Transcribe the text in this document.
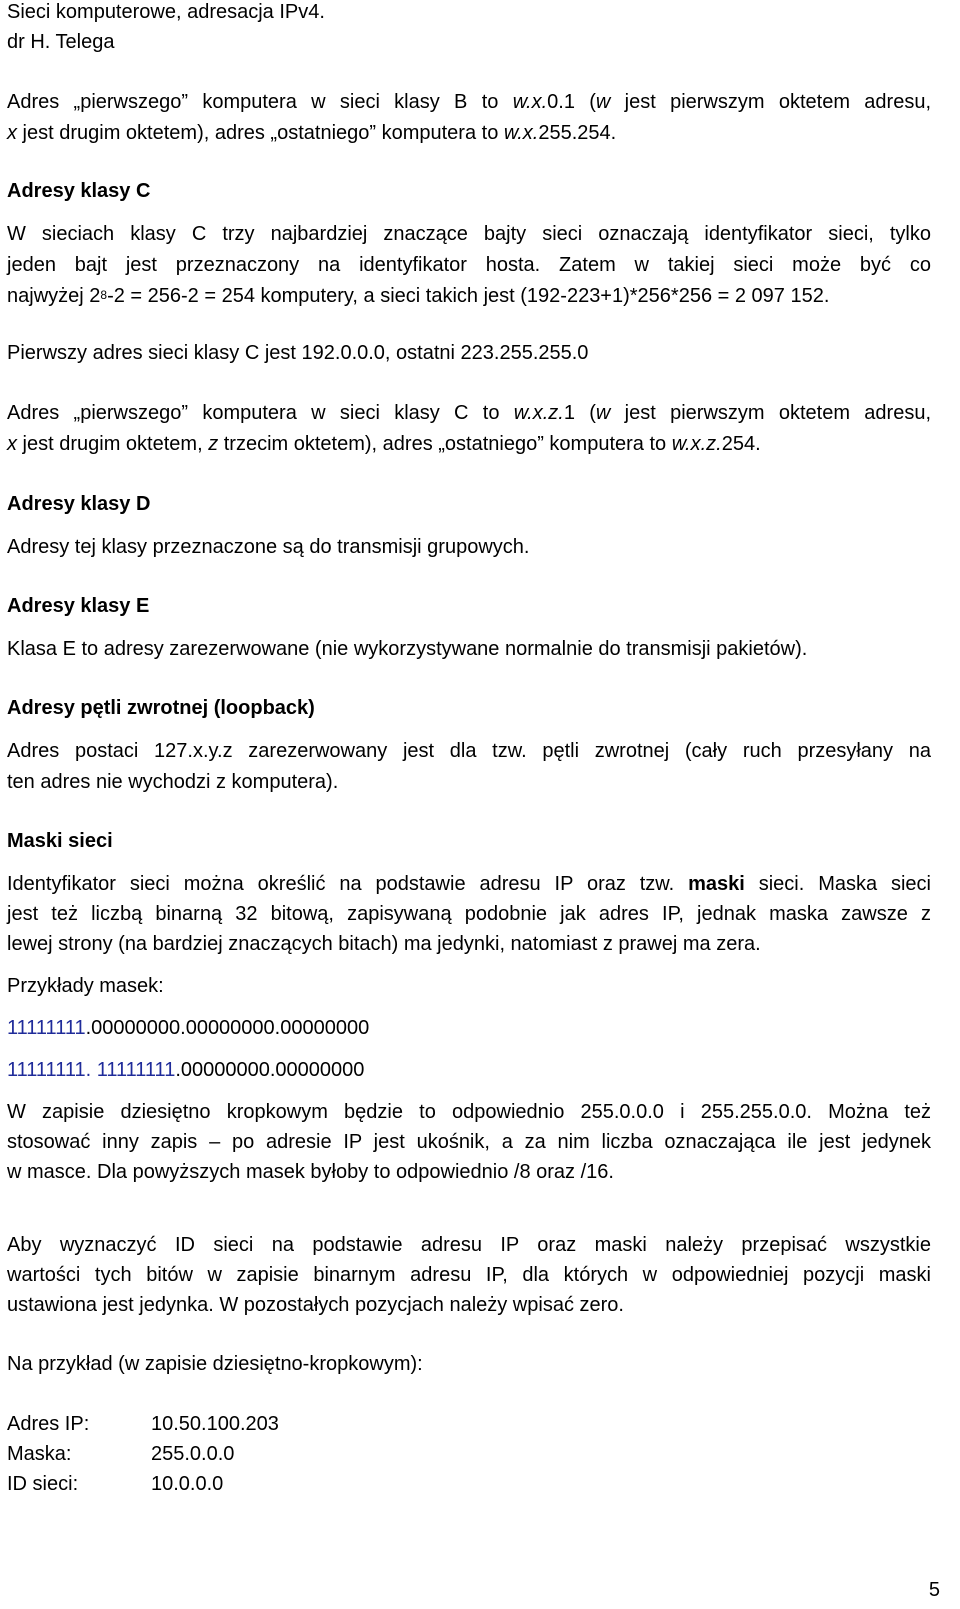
Sieci komputerowe, adresacja IPv4.
dr H. Telega
Adres „pierwszego” komputera w sieci klasy B to w.x.0.1 (w jest pierwszym oktetem adresu,
x jest drugim oktetem), adres „ostatniego” komputera to w.x.255.254.
Adresy klasy C
W sieciach klasy C trzy najbardziej znaczące bajty sieci oznaczają identyfikator sieci, tylko
jeden bajt jest przeznaczony na identyfikator hosta. Zatem w takiej sieci może być co
najwyżej $2^8-2 = 256-2 = 254$ komputery, a sieci takich jest (192-223+1)*256*256 = 2 097 152.
Pierwszy adres sieci klasy C jest 192.0.0.0, ostatni 223.255.255.0
Adres „pierwszego” komputera w sieci klasy C to w.x.z.1 (w jest pierwszym oktetem adresu,
x jest drugim oktetem, z trzecim oktetem), adres „ostatniego” komputera to w.x.z.254.
Adresy klasy D
Adresy tej klasy przeznaczone są do transmisji grupowych.
Adresy klasy E
Klasa E to adresy zarezerwowane (nie wykorzystywane normalnie do transmisji pakietów).
Adresy pętli zwrotnej (loopback)
Adres postaci 127.x.y.z zarezerwowany jest dla tzw. pętli zwrotnej (cały ruch przesyłany na
ten adres nie wychodzi z komputera).
Maski sieci
Identyfikator sieci można określić na podstawie adresu IP oraz tzw. maski sieci. Maska sieci
jest też liczbą binarną 32 bitową, zapisywaną podobnie jak adres IP, jednak maska zawsze z
lewej strony (na bardziej znaczących bitach) ma jedynki, natomiast z prawej ma zera.
Przykłady masek:
11111111.00000000.00000000.00000000
11111111. 11111111.00000000.00000000
W zapisie dziesiętno kropkowym będzie to odpowiednio 255.0.0.0 i 255.255.0.0. Można też
stosować inny zapis – po adresie IP jest ukośnik, a za nim liczba oznaczająca ile jest jedynek
w masce. Dla powyższych masek byłoby to odpowiednio /8 oraz /16.
Aby wyznaczyć ID sieci na podstawie adresu IP oraz maski należy przepisać wszystkie
wartości tych bitów w zapisie binarnym adresu IP, dla których w odpowiedniej pozycji maski
ustawiona jest jedynka. W pozostałych pozycjach należy wpisać zero.
Na przykład (w zapisie dziesiętno-kropkowym):
Adres IP:	10.50.100.203
Maska:	255.0.0.0
ID sieci:	10.0.0.0
5
